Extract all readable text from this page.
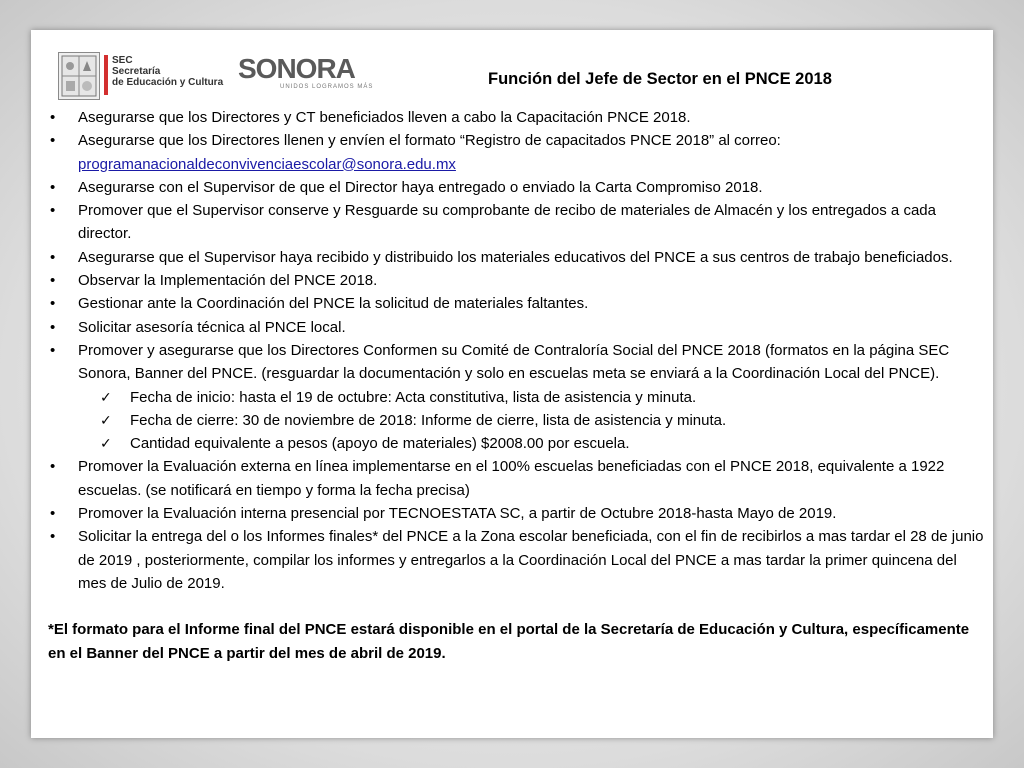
SEC
Secretaría
de Educación y Cultura SONORA
UNIDOS LOGRAMOS MÁS	Función del Jefe de Sector en el PNCE 2018
• Asegurarse que los Directores y CT beneficiados lleven a cabo la Capacitación PNCE 2018.
• Asegurarse que los Directores llenen y envíen el formato “Registro de capacitados PNCE 2018” al correo:
programanacionaldeconvivenciaescolar@sonora.edu.mx
• Asegurarse con el Supervisor de que el Director haya entregado o enviado la Carta Compromiso 2018.
• Promover que el Supervisor conserve y Resguarde su comprobante de recibo de materiales de Almacén y los entregados a cada director.
• Asegurarse que el Supervisor haya recibido y distribuido los materiales educativos del PNCE a sus centros de trabajo beneficiados.
• Observar la Implementación del PNCE 2018.
• Gestionar ante la Coordinación del PNCE la solicitud de materiales faltantes.
• Solicitar asesoría técnica al PNCE local.
• Promover y asegurarse que los Directores Conformen su Comité de Contraloría Social del PNCE 2018 (formatos en la página SEC Sonora, Banner del PNCE. (resguardar la documentación y solo en escuelas meta se enviará a la Coordinación Local del PNCE).
✓ Fecha de inicio: hasta el 19 de octubre: Acta constitutiva, lista de asistencia y minuta.
✓ Fecha de cierre: 30 de noviembre de 2018: Informe de cierre, lista de asistencia y minuta.
✓ Cantidad equivalente a pesos (apoyo de materiales) $2008.00 por escuela.
• Promover la Evaluación externa en línea implementarse en el 100% escuelas beneficiadas con el PNCE 2018, equivalente a 1922 escuelas. (se notificará en tiempo y forma la fecha precisa)
• Promover la Evaluación interna presencial por TECNOESTATA SC, a partir de Octubre 2018-hasta Mayo de 2019.
• Solicitar la entrega del o los Informes finales* del PNCE a la Zona escolar beneficiada, con el fin de recibirlos a mas tardar el 28 de junio de 2019 , posteriormente, compilar los informes y entregarlos a la Coordinación Local del PNCE a mas tardar la primer quincena del mes de Julio de 2019.
*El formato para el Informe final del PNCE estará disponible en el portal de la Secretaría de Educación y Cultura, específicamente en el Banner del PNCE a partir del mes de abril de 2019.
